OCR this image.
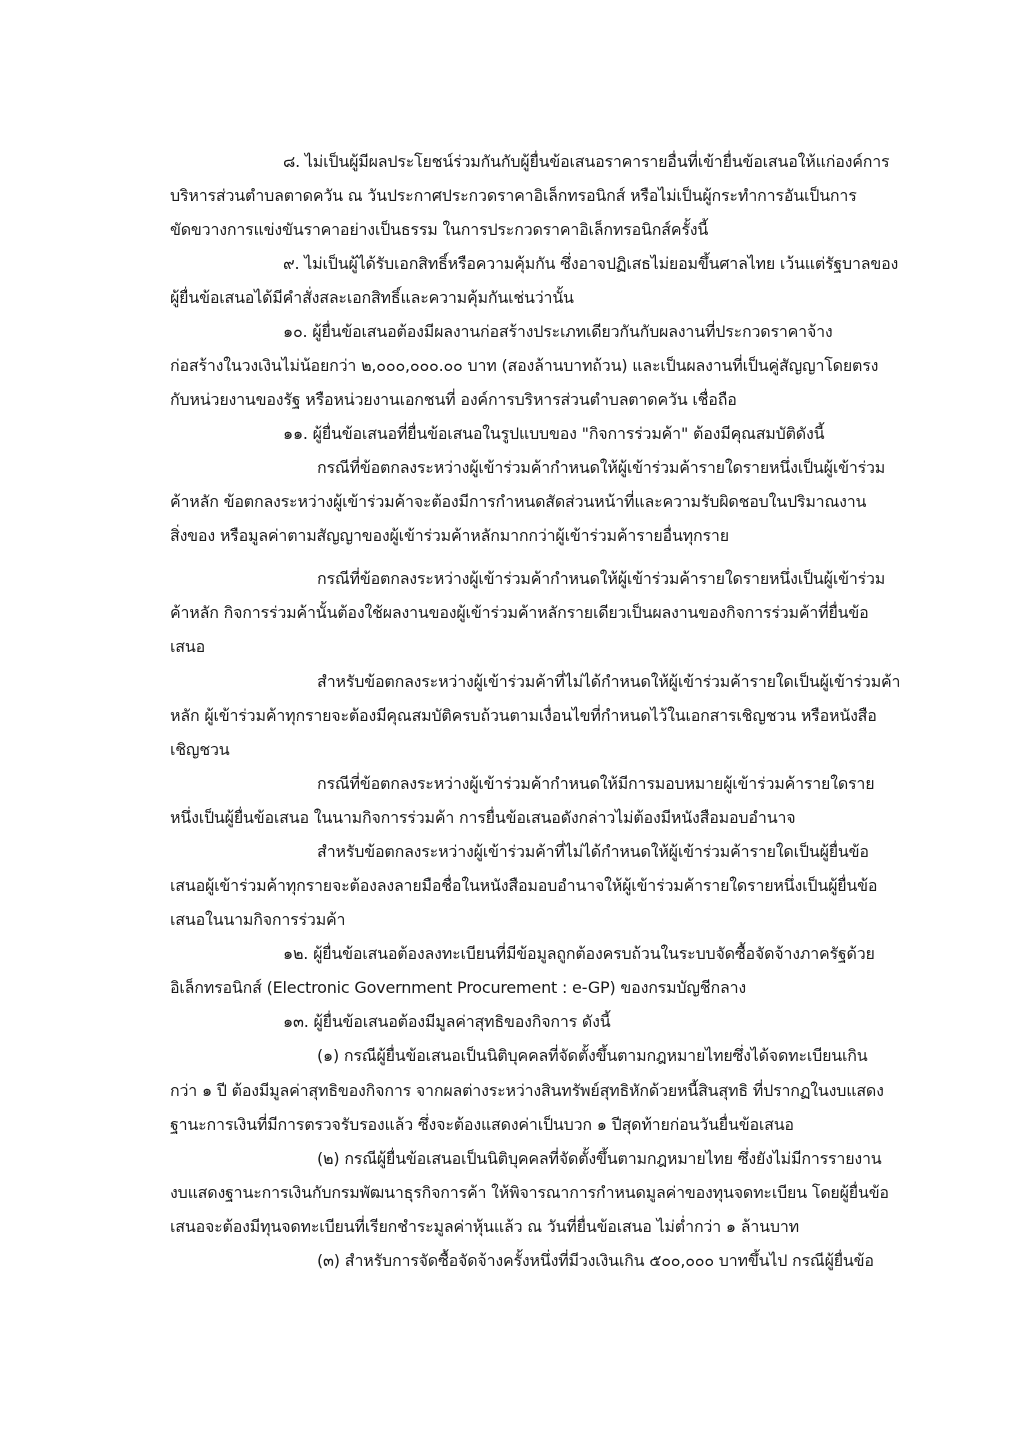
๘. ไม่เป็นผู้มีผลประโยชน์ร่วมกันกับผู้ยื่นข้อเสนอราคารายอื่นที่เข้ายื่นข้อเสนอให้แก่องค์การ
บริหารส่วนตำบลตาดควัน ณ วันประกาศประกวดราคาอิเล็กทรอนิกส์ หรือไม่เป็นผู้กระทำการอันเป็นการ
ขัดขวางการแข่งขันราคาอย่างเป็นธรรม ในการประกวดราคาอิเล็กทรอนิกส์ครั้งนี้
๙. ไม่เป็นผู้ได้รับเอกสิทธิ์หรือความคุ้มกัน ซึ่งอาจปฏิเสธไม่ยอมขึ้นศาลไทย เว้นแต่รัฐบาลของ
ผู้ยื่นข้อเสนอได้มีคำสั่งสละเอกสิทธิ์และความคุ้มกันเช่นว่านั้น
๑๐. ผู้ยื่นข้อเสนอต้องมีผลงานก่อสร้างประเภทเดียวกันกับผลงานที่ประกวดราคาจ้าง
ก่อสร้างในวงเงินไม่น้อยกว่า ๒,๐๐๐,๐๐๐.๐๐ บาท (สองล้านบาทถ้วน) และเป็นผลงานที่เป็นคู่สัญญาโดยตรง
กับหน่วยงานของรัฐ หรือหน่วยงานเอกชนที่ องค์การบริหารส่วนตำบลตาดควัน เชื่อถือ
๑๑. ผู้ยื่นข้อเสนอที่ยื่นข้อเสนอในรูปแบบของ "กิจการร่วมค้า" ต้องมีคุณสมบัติดังนี้
กรณีที่ข้อตกลงระหว่างผู้เข้าร่วมค้ากำหนดให้ผู้เข้าร่วมค้ารายใดรายหนึ่งเป็นผู้เข้าร่วม
ค้าหลัก ข้อตกลงระหว่างผู้เข้าร่วมค้าจะต้องมีการกำหนดสัดส่วนหน้าที่และความรับผิดชอบในปริมาณงาน
สิ่งของ หรือมูลค่าตามสัญญาของผู้เข้าร่วมค้าหลักมากกว่าผู้เข้าร่วมค้ารายอื่นทุกราย
กรณีที่ข้อตกลงระหว่างผู้เข้าร่วมค้ากำหนดให้ผู้เข้าร่วมค้ารายใดรายหนึ่งเป็นผู้เข้าร่วม
ค้าหลัก กิจการร่วมค้านั้นต้องใช้ผลงานของผู้เข้าร่วมค้าหลักรายเดียวเป็นผลงานของกิจการร่วมค้าที่ยื่นข้อ
เสนอ
สำหรับข้อตกลงระหว่างผู้เข้าร่วมค้าที่ไม่ได้กำหนดให้ผู้เข้าร่วมค้ารายใดเป็นผู้เข้าร่วมค้า
หลัก ผู้เข้าร่วมค้าทุกรายจะต้องมีคุณสมบัติครบถ้วนตามเงื่อนไขที่กำหนดไว้ในเอกสารเชิญชวน หรือหนังสือ
เชิญชวน
กรณีที่ข้อตกลงระหว่างผู้เข้าร่วมค้ากำหนดให้มีการมอบหมายผู้เข้าร่วมค้ารายใดราย
หนึ่งเป็นผู้ยื่นข้อเสนอ ในนามกิจการร่วมค้า การยื่นข้อเสนอดังกล่าวไม่ต้องมีหนังสือมอบอำนาจ
สำหรับข้อตกลงระหว่างผู้เข้าร่วมค้าที่ไม่ได้กำหนดให้ผู้เข้าร่วมค้ารายใดเป็นผู้ยื่นข้อ
เสนอผู้เข้าร่วมค้าทุกรายจะต้องลงลายมือชื่อในหนังสือมอบอำนาจให้ผู้เข้าร่วมค้ารายใดรายหนึ่งเป็นผู้ยื่นข้อ
เสนอในนามกิจการร่วมค้า
๑๒. ผู้ยื่นข้อเสนอต้องลงทะเบียนที่มีข้อมูลถูกต้องครบถ้วนในระบบจัดซื้อจัดจ้างภาครัฐด้วย
อิเล็กทรอนิกส์ (Electronic Government Procurement : e-GP) ของกรมบัญชีกลาง
๑๓. ผู้ยื่นข้อเสนอต้องมีมูลค่าสุทธิของกิจการ ดังนี้
(๑) กรณีผู้ยื่นข้อเสนอเป็นนิติบุคคลที่จัดตั้งขึ้นตามกฎหมายไทยซึ่งได้จดทะเบียนเกิน
กว่า ๑ ปี ต้องมีมูลค่าสุทธิของกิจการ จากผลต่างระหว่างสินทรัพย์สุทธิหักด้วยหนี้สินสุทธิ ที่ปรากฏในงบแสดง
ฐานะการเงินที่มีการตรวจรับรองแล้ว ซึ่งจะต้องแสดงค่าเป็นบวก ๑ ปีสุดท้ายก่อนวันยื่นข้อเสนอ
(๒) กรณีผู้ยื่นข้อเสนอเป็นนิติบุคคลที่จัดตั้งขึ้นตามกฎหมายไทย ซึ่งยังไม่มีการรายงาน
งบแสดงฐานะการเงินกับกรมพัฒนาธุรกิจการค้า ให้พิจารณาการกำหนดมูลค่าของทุนจดทะเบียน โดยผู้ยื่นข้อ
เสนอจะต้องมีทุนจดทะเบียนที่เรียกชำระมูลค่าหุ้นแล้ว ณ วันที่ยื่นข้อเสนอ ไม่ต่ำกว่า ๑ ล้านบาท
(๓) สำหรับการจัดซื้อจัดจ้างครั้งหนึ่งที่มีวงเงินเกิน ๕๐๐,๐๐๐ บาทขึ้นไป กรณีผู้ยื่นข้อ
